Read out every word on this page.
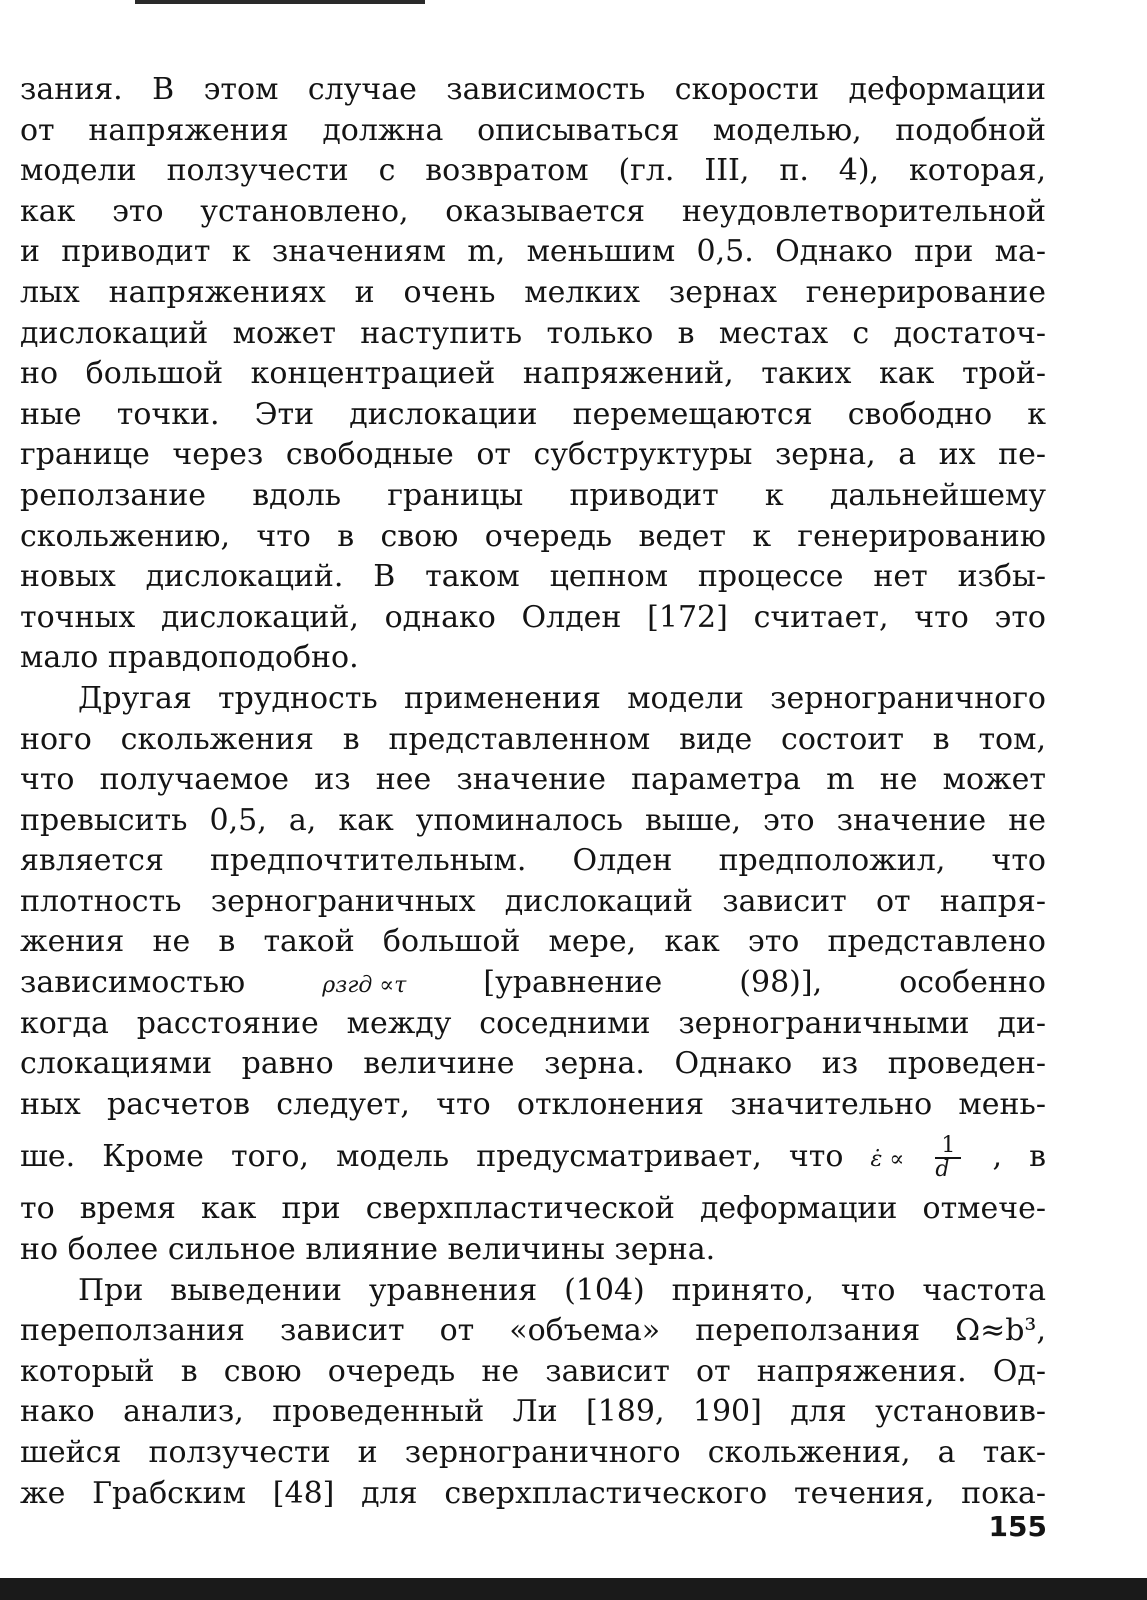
зания. В этом случае зависимость скорости деформации
от напряжения должна описываться моделью, подобной
модели ползучести с возвратом (гл. III, п. 4), которая,
как это установлено, оказывается неудовлетворительной
и приводит к значениям m, меньшим 0,5. Однако при ма-
лых напряжениях и очень мелких зернах генерирование
дислокаций может наступить только в местах с достаточ-
но большой концентрацией напряжений, таких как трой-
ные точки. Эти дислокации перемещаются свободно к
границе через свободные от субструктуры зерна, а их пе-
реползание вдоль границы приводит к дальнейшему
скольжению, что в свою очередь ведет к генерированию
новых дислокаций. В таком цепном процессе нет избы-
точных дислокаций, однако Олден [172] считает, что это
мало правдоподобно.
Другая трудность применения модели зернограничного
ного скольжения в представленном виде состоит в том,
что получаемое из нее значение параметра m не может
превысить 0,5, а, как упоминалось выше, это значение не
является предпочтительным. Олден предположил, что
плотность зернограничных дислокаций зависит от напря-
жения не в такой большой мере, как это представлено
зависимостью	ρзгд ∝τ	[уравнение (98)], особенно
когда расстояние между соседними зернограничными ди-
слокациями равно величине зерна. Однако из проведен-
ных расчетов следует, что отклонения значительно мень-
ше. Кроме того, модель предусматривает, что ε̇ ∝ $\frac{1}{d}$ , в
то время как при сверхпластической деформации отмече-
но более сильное влияние величины зерна.
При выведении уравнения (104) принято, что частота
переползания зависит от «объема» переползания Ω≈b³,
который в свою очередь не зависит от напряжения. Од-
нако анализ, проведенный Ли [189, 190] для установив-
шейся ползучести и зернограничного скольжения, а так-
же Грабским [48] для сверхпластического течения, пока-
155
